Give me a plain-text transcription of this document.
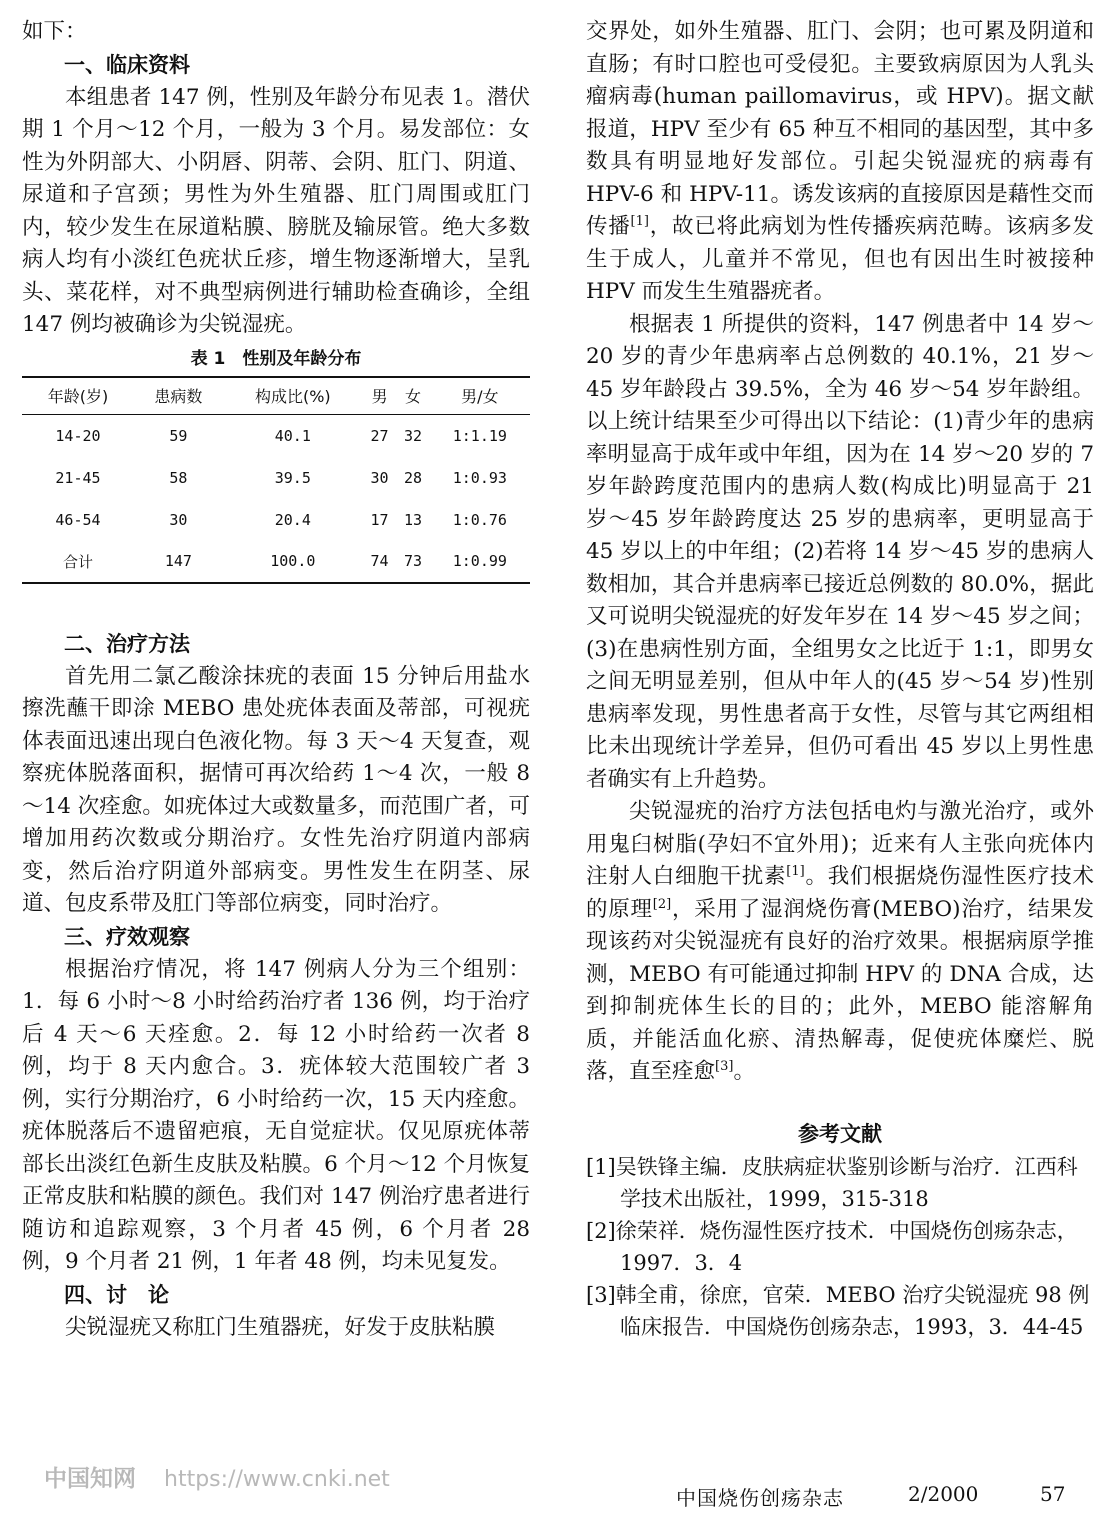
如下：

一、临床资料

本组患者 147 例，性别及年龄分布见表 1。潜伏期 1 个月～12 个月，一般为 3 个月。易发部位：女性为外阴部大、小阴唇、阴蒂、会阴、肛门、阴道、尿道和子宫颈；男性为外生殖器、肛门周围或肛门内，较少发生在尿道粘膜、膀胱及输尿管。绝大多数病人均有小淡红色疣状丘疹，增生物逐渐增大，呈乳头、菜花样，对不典型病例进行辅助检查确诊，全组 147 例均被确诊为尖锐湿疣。

表 1　性别及年龄分布
年龄(岁)	患病数	构成比(%)	男	女	男/女
14-20	59	40.1	27	32	1:1.19
21-45	58	39.5	30	28	1:0.93
46-54	30	20.4	17	13	1:0.76
合计	147	100.0	74	73	1:0.99
二、治疗方法

首先用二氯乙酸涂抹疣的表面 15 分钟后用盐水擦洗蘸干即涂 MEBO 患处疣体表面及蒂部，可视疣体表面迅速出现白色液化物。每 3 天～4 天复查，观察疣体脱落面积，据情可再次给药 1～4 次，一般 8～14 次痊愈。如疣体过大或数量多，而范围广者，可增加用药次数或分期治疗。女性先治疗阴道内部病变，然后治疗阴道外部病变。男性发生在阴茎、尿道、包皮系带及肛门等部位病变，同时治疗。

三、疗效观察

根据治疗情况，将 147 例病人分为三个组别：1．每 6 小时～8 小时给药治疗者 136 例，均于治疗后 4 天～6 天痊愈。2．每 12 小时给药一次者 8 例，均于 8 天内愈合。3．疣体较大范围较广者 3 例，实行分期治疗，6 小时给药一次，15 天内痊愈。疣体脱落后不遗留疤痕，无自觉症状。仅见原疣体蒂部长出淡红色新生皮肤及粘膜。6 个月～12 个月恢复正常皮肤和粘膜的颜色。我们对 147 例治疗患者进行随访和追踪观察，3 个月者 45 例，6 个月者 28 例，9 个月者 21 例，1 年者 48 例，均未见复发。

四、讨　论

尖锐湿疣又称肛门生殖器疣，好发于皮肤粘膜

交界处，如外生殖器、肛门、会阴；也可累及阴道和直肠；有时口腔也可受侵犯。主要致病原因为人乳头瘤病毒(human paillomavirus，或 HPV)。据文献报道，HPV 至少有 65 种互不相同的基因型，其中多数具有明显地好发部位。引起尖锐湿疣的病毒有 HPV-6 和 HPV-11。诱发该病的直接原因是藉性交而传播[1]，故已将此病划为性传播疾病范畴。该病多发生于成人，儿童并不常见，但也有因出生时被接种 HPV 而发生生殖器疣者。

根据表 1 所提供的资料，147 例患者中 14 岁～20 岁的青少年患病率占总例数的 40.1%，21 岁～45 岁年龄段占 39.5%，全为 46 岁～54 岁年龄组。以上统计结果至少可得出以下结论：(1)青少年的患病率明显高于成年或中年组，因为在 14 岁～20 岁的 7 岁年龄跨度范围内的患病人数(构成比)明显高于 21 岁～45 岁年龄跨度达 25 岁的患病率，更明显高于 45 岁以上的中年组；(2)若将 14 岁～45 岁的患病人数相加，其合并患病率已接近总例数的 80.0%，据此又可说明尖锐湿疣的好发年岁在 14 岁～45 岁之间；(3)在患病性别方面，全组男女之比近于 1:1，即男女之间无明显差别，但从中年人的(45 岁～54 岁)性别患病率发现，男性患者高于女性，尽管与其它两组相比未出现统计学差异，但仍可看出 45 岁以上男性患者确实有上升趋势。

尖锐湿疣的治疗方法包括电灼与激光治疗，或外用鬼臼树脂(孕妇不宜外用)；近来有人主张向疣体内注射人白细胞干扰素[1]。我们根据烧伤湿性医疗技术的原理[2]，采用了湿润烧伤膏(MEBO)治疗，结果发现该药对尖锐湿疣有良好的治疗效果。根据病原学推测，MEBO 有可能通过抑制 HPV 的 DNA 合成，达到抑制疣体生长的目的；此外，MEBO 能溶解角质，并能活血化瘀、清热解毒，促使疣体糜烂、脱落，直至痊愈[3]。

参考文献
[1]吴铁锋主编．皮肤病症状鉴别诊断与治疗．江西科学技术出版社，1999，315-318
[2]徐荣祥．烧伤湿性医疗技术．中国烧伤创疡杂志，1997．3．4
[3]韩全甫，徐庶，官荣．MEBO 治疗尖锐湿疣 98 例临床报告．中国烧伤创疡杂志，1993，3．44-45
中国知网 https://www.cnki.net
中国烧伤创疡杂志	2/2000	57
